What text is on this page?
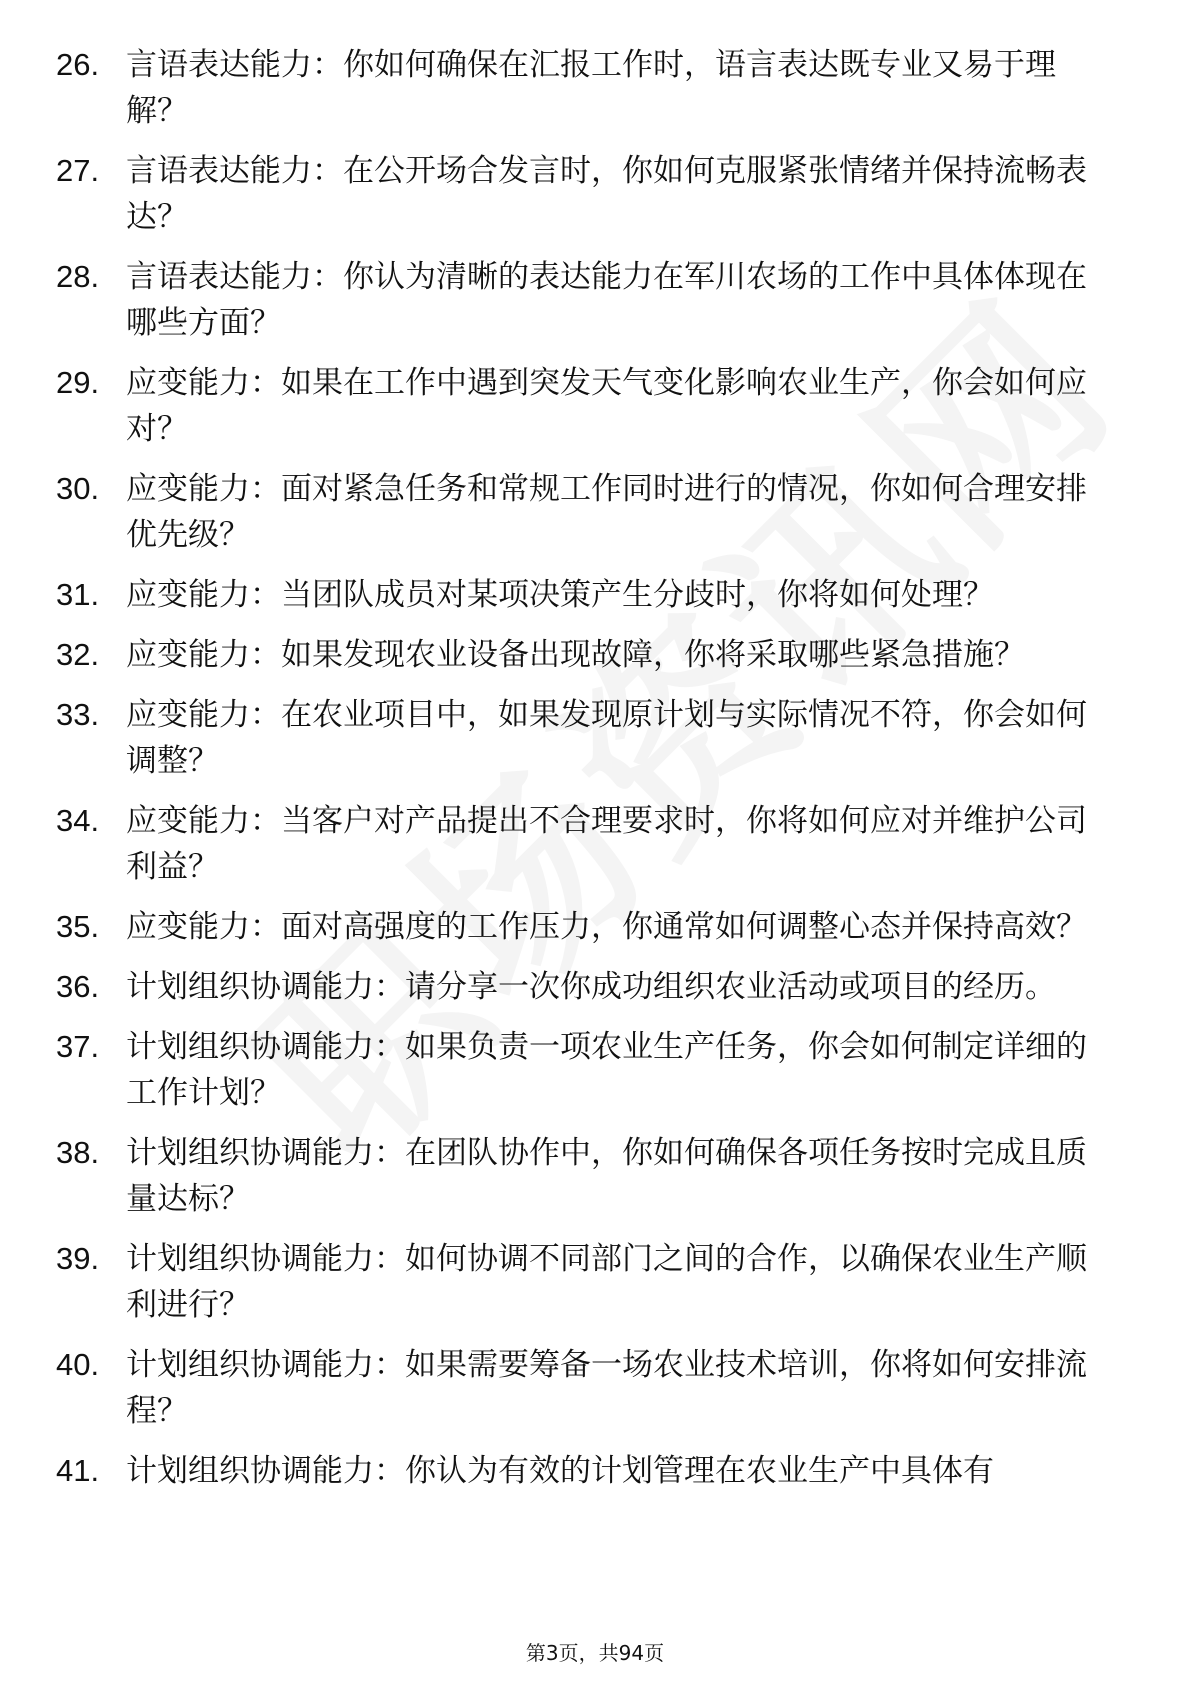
26. 言语表达能力：你如何确保在汇报工作时，语言表达既专业又易于理解？
27. 言语表达能力：在公开场合发言时，你如何克服紧张情绪并保持流畅表达？
28. 言语表达能力：你认为清晰的表达能力在军川农场的工作中具体体现在哪些方面？
29. 应变能力：如果在工作中遇到突发天气变化影响农业生产，你会如何应对？
30. 应变能力：面对紧急任务和常规工作同时进行的情况，你如何合理安排优先级？
31. 应变能力：当团队成员对某项决策产生分歧时，你将如何处理？
32. 应变能力：如果发现农业设备出现故障，你将采取哪些紧急措施？
33. 应变能力：在农业项目中，如果发现原计划与实际情况不符，你会如何调整？
34. 应变能力：当客户对产品提出不合理要求时，你将如何应对并维护公司利益？
35. 应变能力：面对高强度的工作压力，你通常如何调整心态并保持高效？
36. 计划组织协调能力：请分享一次你成功组织农业活动或项目的经历。
37. 计划组织协调能力：如果负责一项农业生产任务，你会如何制定详细的工作计划？
38. 计划组织协调能力：在团队协作中，你如何确保各项任务按时完成且质量达标？
39. 计划组织协调能力：如何协调不同部门之间的合作，以确保农业生产顺利进行？
40. 计划组织协调能力：如果需要筹备一场农业技术培训，你将如何安排流程？
41. 计划组织协调能力：你认为有效的计划管理在农业生产中具体有
第3页，共94页
